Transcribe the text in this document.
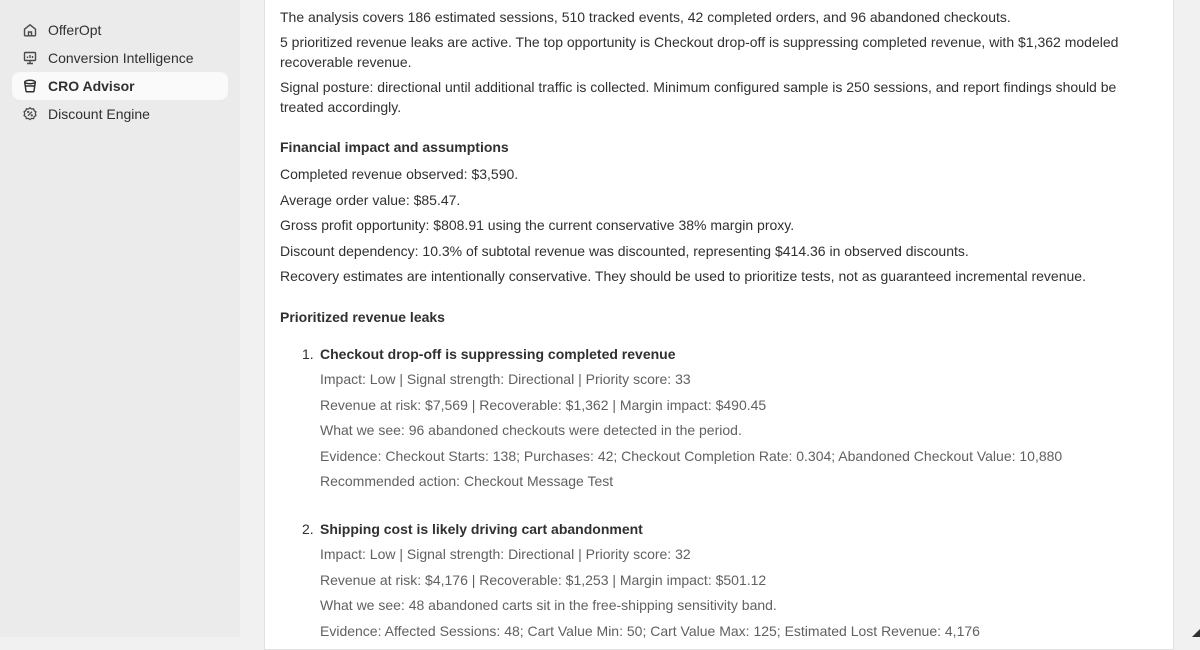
OfferOpt
Conversion Intelligence
CRO Advisor
Discount Engine

The analysis covers 186 estimated sessions, 510 tracked events, 42 completed orders, and 96 abandoned checkouts.

5 prioritized revenue leaks are active. The top opportunity is Checkout drop-off is suppressing completed revenue, with $1,362 modeled recoverable revenue.

Signal posture: directional until additional traffic is collected. Minimum configured sample is 250 sessions, and report findings should be treated accordingly.

Financial impact and assumptions

Completed revenue observed: $3,590.

Average order value: $85.47.

Gross profit opportunity: $808.91 using the current conservative 38% margin proxy.

Discount dependency: 10.3% of subtotal revenue was discounted, representing $414.36 in observed discounts.

Recovery estimates are intentionally conservative. They should be used to prioritize tests, not as guaranteed incremental revenue.

Prioritized revenue leaks

1. Checkout drop-off is suppressing completed revenue

Impact: Low | Signal strength: Directional | Priority score: 33

Revenue at risk: $7,569 | Recoverable: $1,362 | Margin impact: $490.45

What we see: 96 abandoned checkouts were detected in the period.

Evidence: Checkout Starts: 138; Purchases: 42; Checkout Completion Rate: 0.304; Abandoned Checkout Value: 10,880

Recommended action: Checkout Message Test

2. Shipping cost is likely driving cart abandonment

Impact: Low | Signal strength: Directional | Priority score: 32

Revenue at risk: $4,176 | Recoverable: $1,253 | Margin impact: $501.12

What we see: 48 abandoned carts sit in the free-shipping sensitivity band.

Evidence: Affected Sessions: 48; Cart Value Min: 50; Cart Value Max: 125; Estimated Lost Revenue: 4,176
